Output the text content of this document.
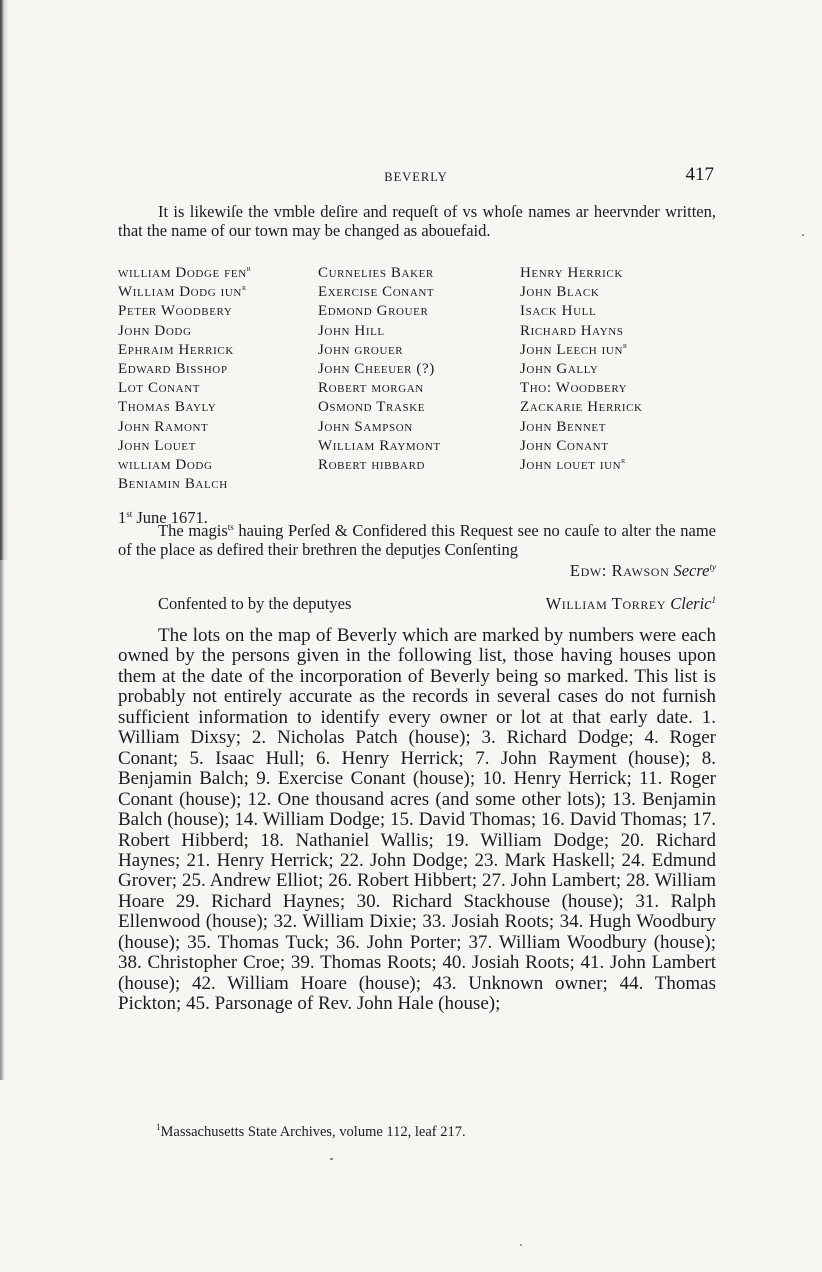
BEVERLY	417

It is likewiſe the vmble deſire and requeſt of vs whoſe names ar heervnder written, that the name of our town may be changed as abouefaid.

william Dodge fen$^r$
William Dodg iun$^r$
Peter Woodbery
John Dodg
Ephraim Herrick
Edward Biſſhop
Lot Conant
Thomas Bayly
John Ramont
John Louet
william Dodg
Beniamin Balch
Curnelies Baker
Exerciſe Conant
Edmond Grouer
John Hill
John grouer
John Cheeuer (?)
Robert morgan
Oſmond Traſke
John Sampſon
William Raymont
Robert hibbard
Henry Herrick
John Black
Iſack Hull
Richard Hayns
John Leech iun$^r$
John Gally
Tho: Woodbery
Zackarie Herrick
John Bennet
John Conant
John louet iun$^r$
1st June 1671.

The magis$^{ts}$ hauing Perſed & Confidered this Request see no cauſe to alter the name of the place as defired their brethren the deputjes Conſenting

Edw: Rawson Secre$^{ty}$
Confented to by the deputyes	William Torrey Cleric$^1$

The lots on the map of Beverly which are marked by numbers were each owned by the persons given in the following list, those having houses upon them at the date of the incorporation of Beverly being so marked. This list is probably not entirely accurate as the records in several cases do not furnish sufficient information to identify every owner or lot at that early date. 1. William Dixsy; 2. Nicholas Patch (house); 3. Richard Dodge; 4. Roger Conant; 5. Isaac Hull; 6. Henry Herrick; 7. John Rayment (house); 8. Benjamin Balch; 9. Exercise Conant (house); 10. Henry Herrick; 11. Roger Conant (house); 12. One thousand acres (and some other lots); 13. Benjamin Balch (house); 14. William Dodge; 15. David Thomas; 16. David Thomas; 17. Robert Hibberd; 18. Nathaniel Wallis; 19. William Dodge; 20. Richard Haynes; 21. Henry Herrick; 22. John Dodge; 23. Mark Haskell; 24. Edmund Grover; 25. Andrew Elliot; 26. Robert Hibbert; 27. John Lambert; 28. William Hoare 29. Richard Haynes; 30. Richard Stackhouse (house); 31. Ralph Ellenwood (house); 32. William Dixie; 33. Josiah Roots; 34. Hugh Woodbury (house); 35. Thomas Tuck; 36. John Porter; 37. William Woodbury (house); 38. Christopher Croe; 39. Thomas Roots; 40. Josiah Roots; 41. John Lambert (house); 42. William Hoare (house); 43. Unknown owner; 44. Thomas Pickton; 45. Parsonage of Rev. John Hale (house);

$^1$Massachusetts State Archives, volume 112, leaf 217.
